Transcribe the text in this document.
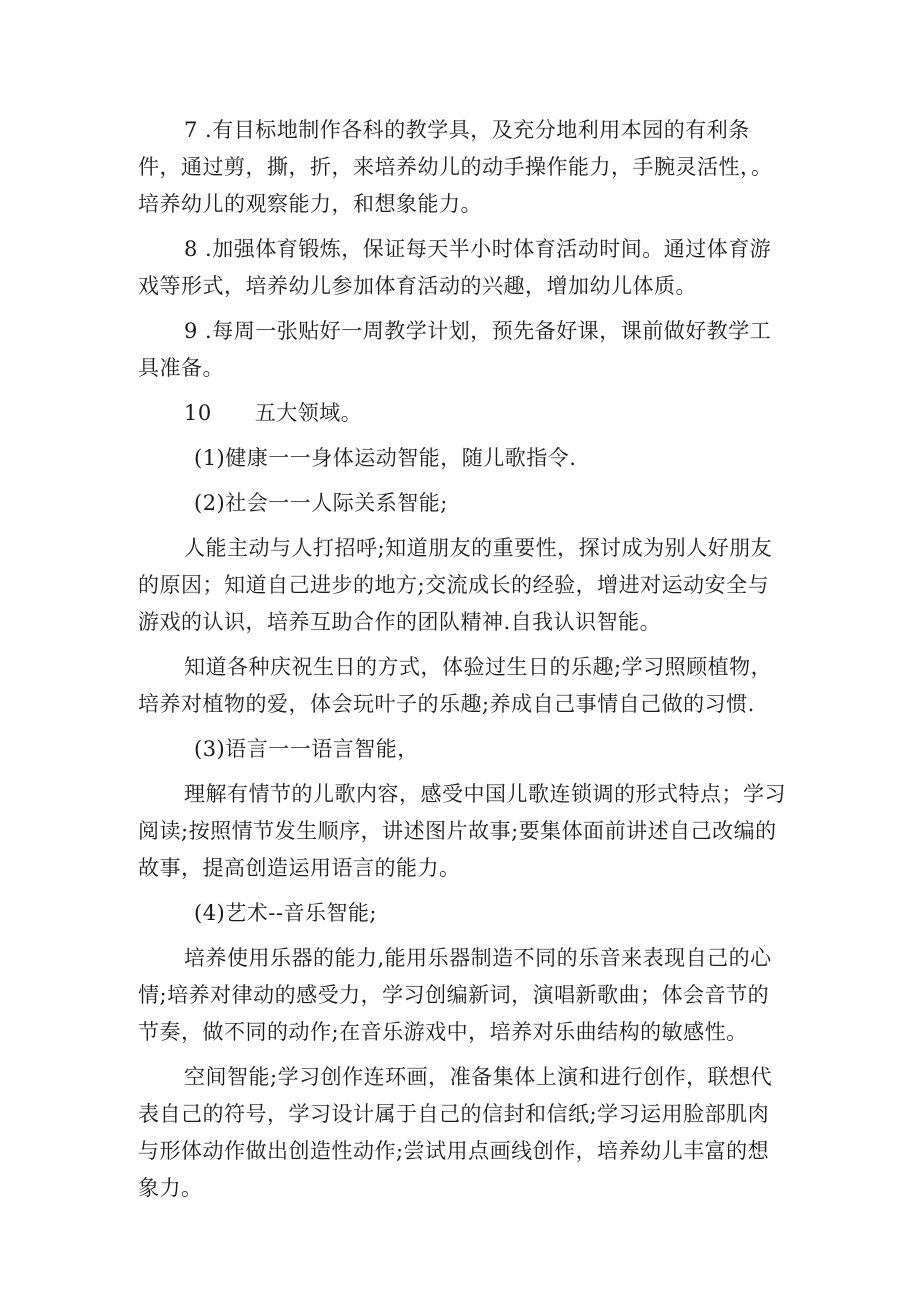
7 .有目标地制作各科的教学具，及充分地利用本园的有利条件，通过剪，撕，折，来培养幼儿的动手操作能力，手腕灵活性，。培养幼儿的观察能力，和想象能力。

8 .加强体育锻炼，保证每天半小时体育活动时间。通过体育游戏等形式，培养幼儿参加体育活动的兴趣，增加幼儿体质。

9 .每周一张贴好一周教学计划，预先备好课，课前做好教学工具准备。

10　　五大领域。

(1)健康一一身体运动智能，随儿歌指令.

(2)社会一一人际关系智能;

人能主动与人打招呼;知道朋友的重要性，探讨成为别人好朋友的原因；知道自己进步的地方;交流成长的经验，增进对运动安全与游戏的认识，培养互助合作的团队精神.自我认识智能。

知道各种庆祝生日的方式，体验过生日的乐趣;学习照顾植物，培养对植物的爱，体会玩叶子的乐趣;养成自己事情自己做的习惯.

(3)语言一一语言智能，

理解有情节的儿歌内容，感受中国儿歌连锁调的形式特点；学习阅读;按照情节发生顺序，讲述图片故事;要集体面前讲述自己改编的故事，提高创造运用语言的能力。

(4)艺术--音乐智能;

培养使用乐器的能力,能用乐器制造不同的乐音来表现自己的心情;培养对律动的感受力，学习创编新词，演唱新歌曲；体会音节的节奏，做不同的动作;在音乐游戏中，培养对乐曲结构的敏感性。

空间智能;学习创作连环画，准备集体上演和进行创作，联想代表自己的符号，学习设计属于自己的信封和信纸;学习运用脸部肌肉与形体动作做出创造性动作;尝试用点画线创作，培养幼儿丰富的想象力。
